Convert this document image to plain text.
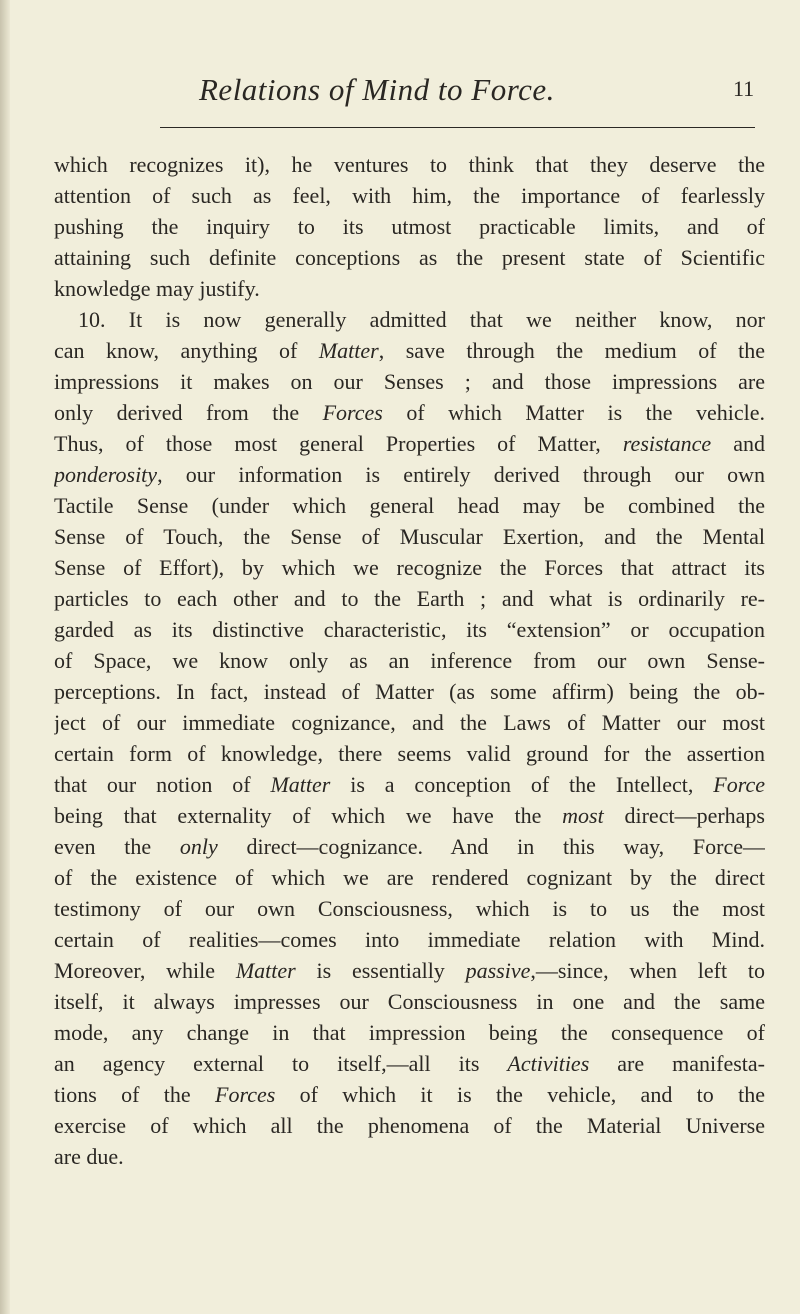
Relations of Mind to Force.	11
which recognizes it), he ventures to think that they deserve the
attention of such as feel, with him, the importance of fearlessly
pushing the inquiry to its utmost practicable limits, and of
attaining such definite conceptions as the present state of Scientific
knowledge may justify.
10. It is now generally admitted that we neither know, nor
can know, anything of Matter, save through the medium of the
impressions it makes on our Senses ; and those impressions are
only derived from the Forces of which Matter is the vehicle.
Thus, of those most general Properties of Matter, resistance and
ponderosity, our information is entirely derived through our own
Tactile Sense (under which general head may be combined the
Sense of Touch, the Sense of Muscular Exertion, and the Mental
Sense of Effort), by which we recognize the Forces that attract its
particles to each other and to the Earth ; and what is ordinarily re-
garded as its distinctive characteristic, its “extension” or occupation
of Space, we know only as an inference from our own Sense-
perceptions. In fact, instead of Matter (as some affirm) being the ob-
ject of our immediate cognizance, and the Laws of Matter our most
certain form of knowledge, there seems valid ground for the assertion
that our notion of Matter is a conception of the Intellect, Force
being that externality of which we have the most direct—perhaps
even the only direct—cognizance. And in this way, Force—
of the existence of which we are rendered cognizant by the direct
testimony of our own Consciousness, which is to us the most
certain of realities—comes into immediate relation with Mind.
Moreover, while Matter is essentially passive,—since, when left to
itself, it always impresses our Consciousness in one and the same
mode, any change in that impression being the consequence of
an agency external to itself,—all its Activities are manifesta-
tions of the Forces of which it is the vehicle, and to the
exercise of which all the phenomena of the Material Universe
are due.
